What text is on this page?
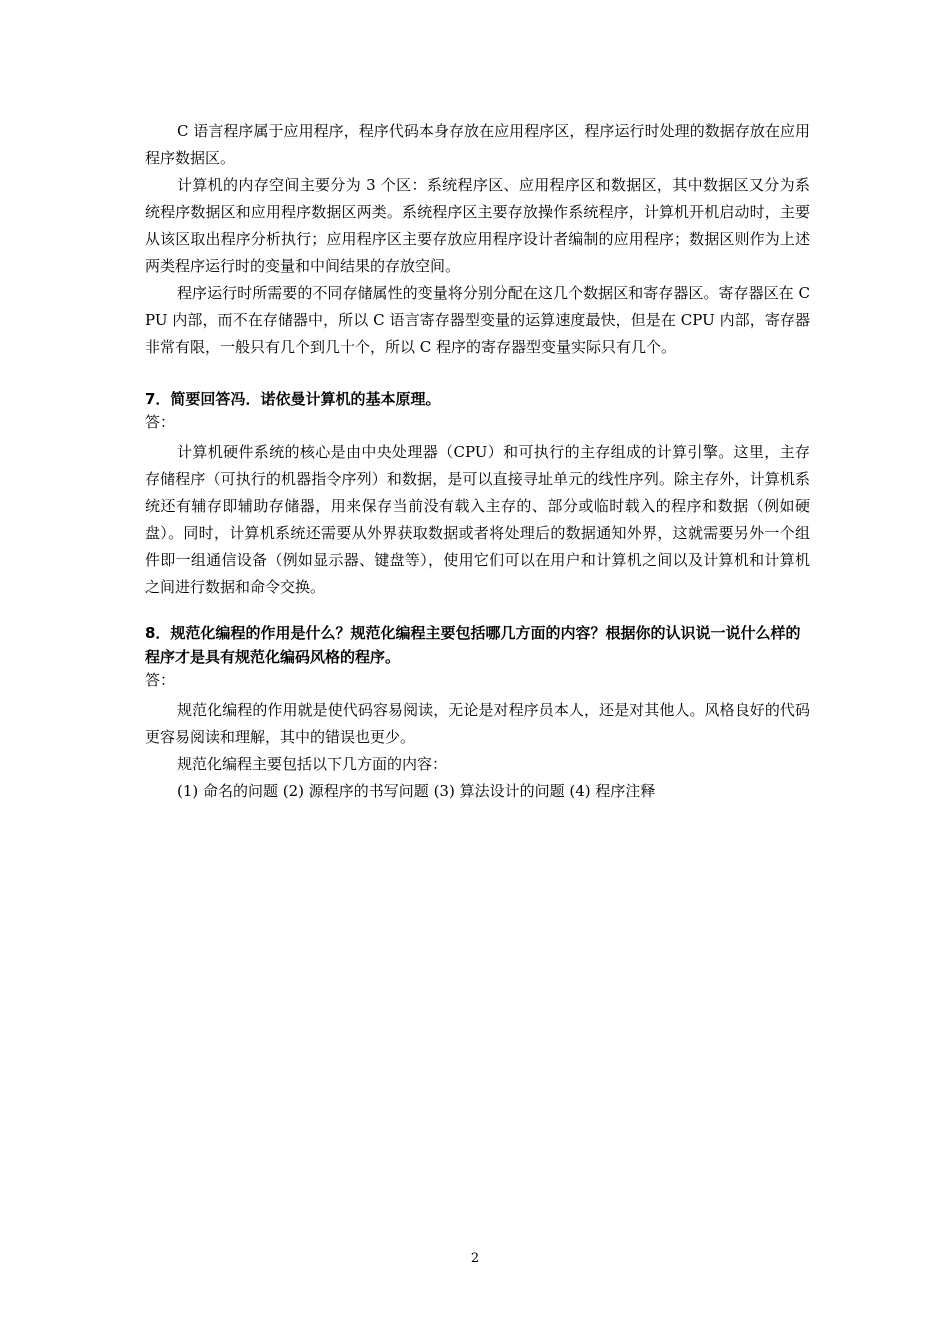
C 语言程序属于应用程序，程序代码本身存放在应用程序区，程序运行时处理的数据存放在应用程序数据区。

计算机的内存空间主要分为 3 个区：系统程序区、应用程序区和数据区，其中数据区又分为系统程序数据区和应用程序数据区两类。系统程序区主要存放操作系统程序，计算机开机启动时，主要从该区取出程序分析执行；应用程序区主要存放应用程序设计者编制的应用程序；数据区则作为上述两类程序运行时的变量和中间结果的存放空间。

程序运行时所需要的不同存储属性的变量将分别分配在这几个数据区和寄存器区。寄存器区在 CPU 内部，而不在存储器中，所以 C 语言寄存器型变量的运算速度最快，但是在 CPU 内部，寄存器非常有限，一般只有几个到几十个，所以 C 程序的寄存器型变量实际只有几个。

7．简要回答冯．诺依曼计算机的基本原理。

答：

计算机硬件系统的核心是由中央处理器（CPU）和可执行的主存组成的计算引擎。这里，主存存储程序（可执行的机器指令序列）和数据，是可以直接寻址单元的线性序列。除主存外，计算机系统还有辅存即辅助存储器，用来保存当前没有载入主存的、部分或临时载入的程序和数据（例如硬盘）。同时，计算机系统还需要从外界获取数据或者将处理后的数据通知外界，这就需要另外一个组件即一组通信设备（例如显示器、键盘等），使用它们可以在用户和计算机之间以及计算机和计算机之间进行数据和命令交换。

8．规范化编程的作用是什么？规范化编程主要包括哪几方面的内容？根据你的认识说一说什么样的程序才是具有规范化编码风格的程序。

答：

规范化编程的作用就是使代码容易阅读，无论是对程序员本人，还是对其他人。风格良好的代码更容易阅读和理解，其中的错误也更少。

规范化编程主要包括以下几方面的内容：

(1) 命名的问题 (2) 源程序的书写问题 (3) 算法设计的问题 (4) 程序注释

2
